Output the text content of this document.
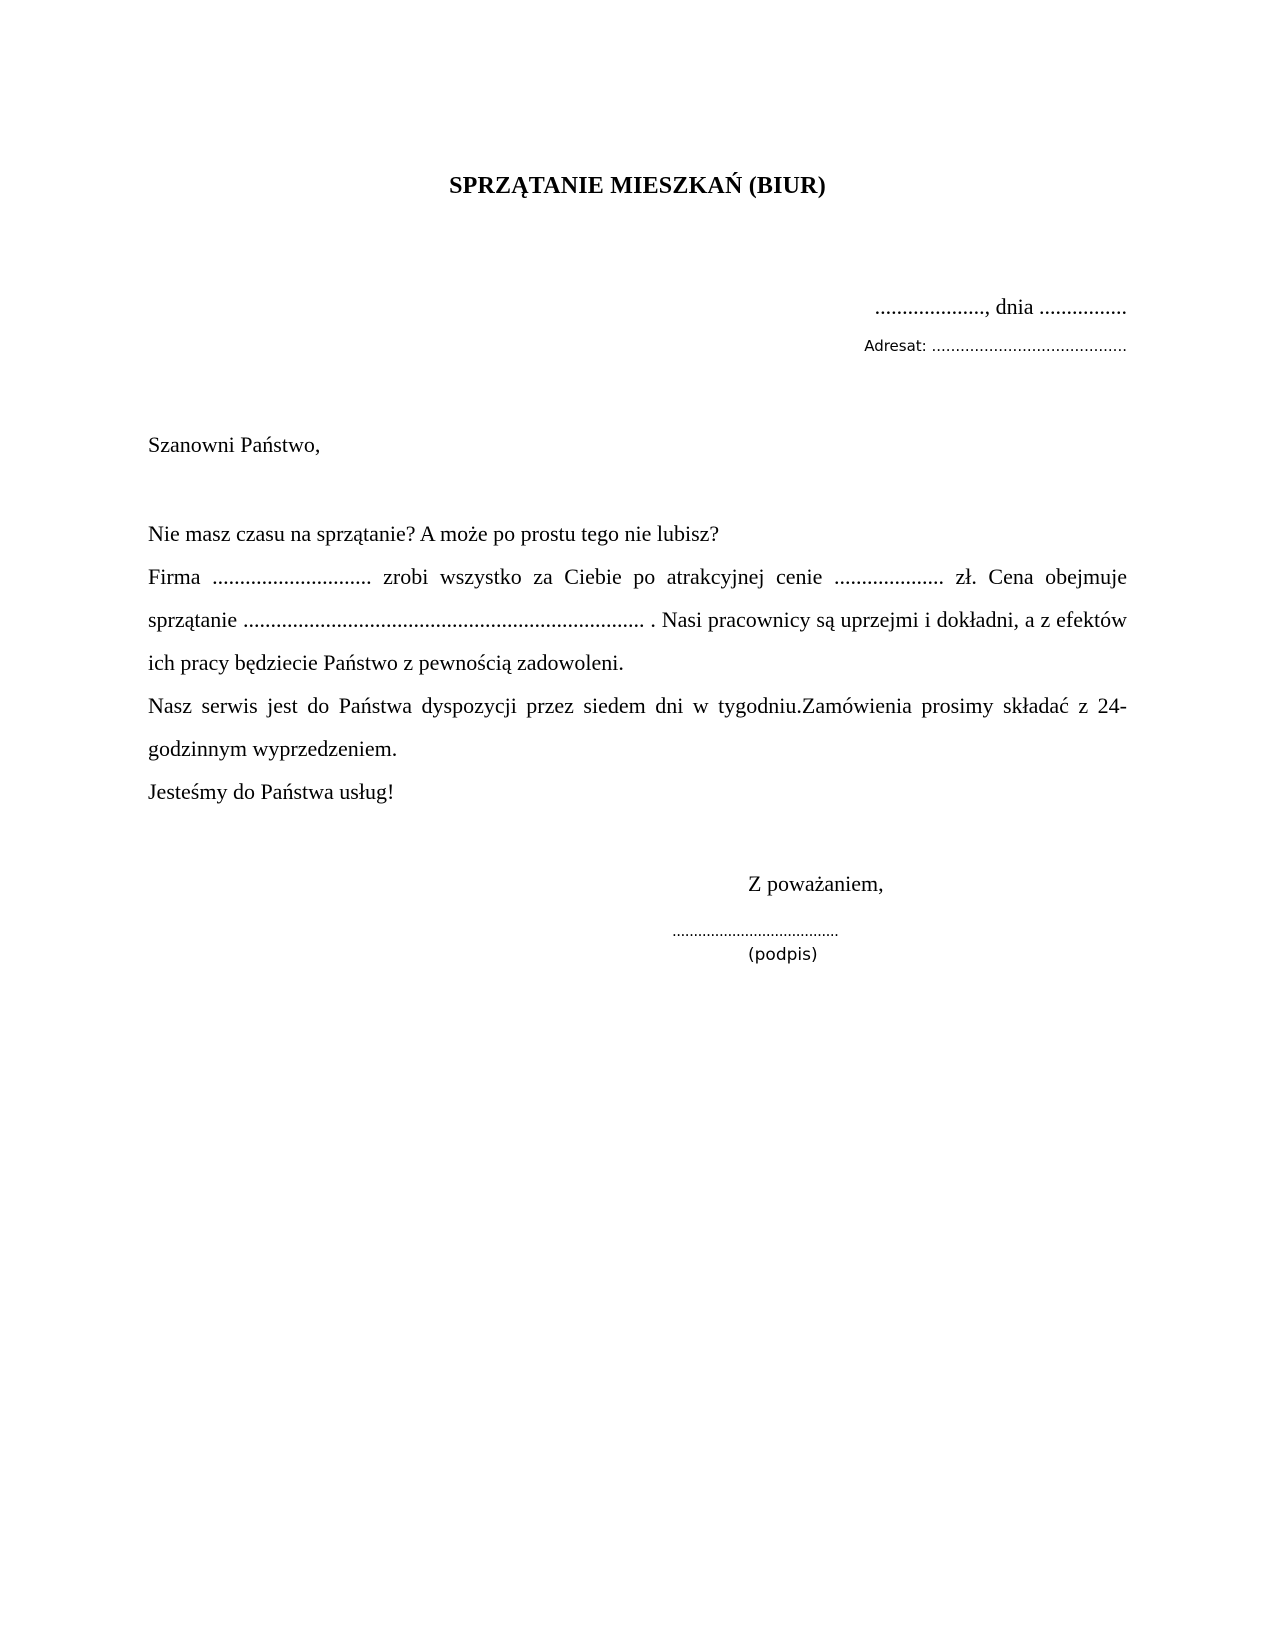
SPRZĄTANIE MIESZKAŃ (BIUR)
...................., dnia ................
Adresat: .........................................
Szanowni Państwo,

Nie masz czasu na sprzątanie? A może po prostu tego nie lubisz?

Firma ............................. zrobi wszystko za Ciebie po atrakcyjnej cenie .................... zł. Cena obejmuje sprzątanie ......................................................................... . Nasi pracownicy są uprzejmi i dokładni, a z efektów ich pracy będziecie Państwo z pewnością zadowoleni.

Nasz serwis jest do Państwa dyspozycji przez siedem dni w tygodniu.Zamówienia prosimy składać z 24-godzinnym wyprzedzeniem.

Jesteśmy do Państwa usług!

Z poważaniem,
.......................................
(podpis)
